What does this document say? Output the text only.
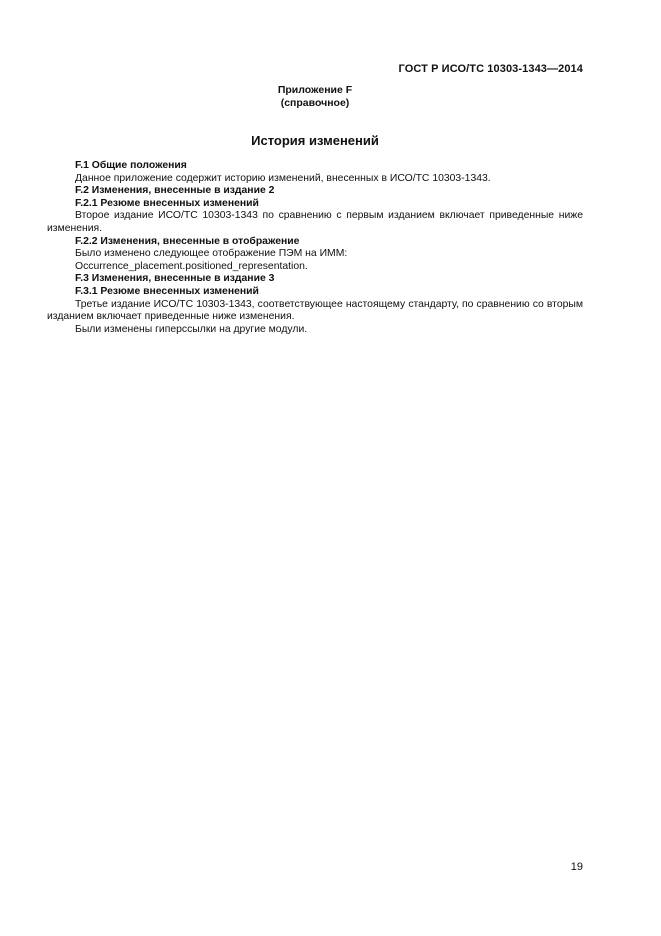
ГОСТ Р ИСО/ТС 10303-1343—2014
Приложение F
(справочное)
История изменений

F.1 Общие положения

Данное приложение содержит историю изменений, внесенных в ИСО/ТС 10303-1343.

F.2 Изменения, внесенные в издание 2

F.2.1 Резюме внесенных изменений

Второе издание ИСО/ТС 10303-1343 по сравнению с первым изданием включает приведенные ниже изменения.

F.2.2 Изменения, внесенные в отображение

Было изменено следующее отображение ПЭМ на ИММ:

Occurrence_placement.positioned_representation.

F.3 Изменения, внесенные в издание 3

F.3.1 Резюме внесенных изменений

Третье издание ИСО/ТС 10303-1343, соответствующее настоящему стандарту, по сравнению со вторым изданием включает приведенные ниже изменения.

Были изменены гиперссылки на другие модули.

19
